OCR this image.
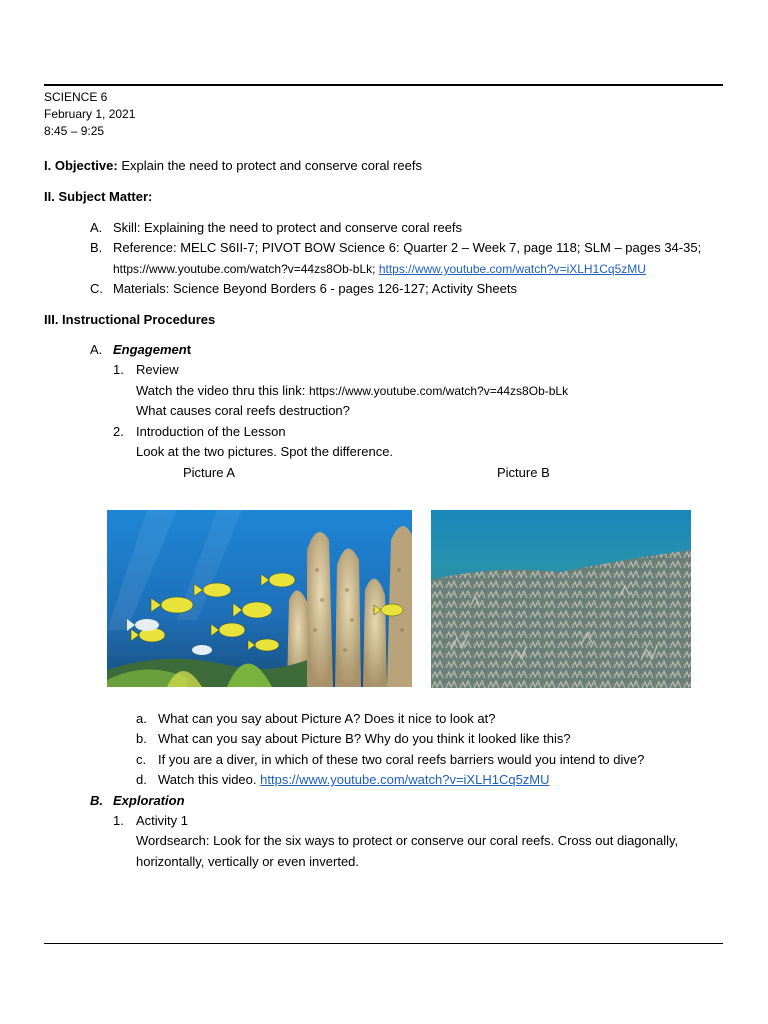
SCIENCE 6
February 1, 2021
8:45 – 9:25
I. Objective: Explain the need to protect and conserve coral reefs
II. Subject Matter:
A. Skill: Explaining the need to protect and conserve coral reefs
B. Reference: MELC S6II-7; PIVOT BOW Science 6: Quarter 2 – Week 7, page 118; SLM – pages 34-35;
https://www.youtube.com/watch?v=44zs8Ob-bLk; https://www.youtube.com/watch?v=iXLH1Cq5zMU
C. Materials: Science Beyond Borders 6 - pages 126-127; Activity Sheets
III. Instructional Procedures
A. Engagement
1. Review
Watch the video thru this link: https://www.youtube.com/watch?v=44zs8Ob-bLk
What causes coral reefs destruction?
2. Introduction of the Lesson
Look at the two pictures. Spot the difference.
Picture A	Picture B
a. What can you say about Picture A? Does it nice to look at?
b. What can you say about Picture B? Why do you think it looked like this?
c. If you are a diver, in which of these two coral reefs barriers would you intend to dive?
d. Watch this video. https://www.youtube.com/watch?v=iXLH1Cq5zMU
B. Exploration
1. Activity 1
Wordsearch: Look for the six ways to protect or conserve our coral reefs. Cross out diagonally,
horizontally, vertically or even inverted.
